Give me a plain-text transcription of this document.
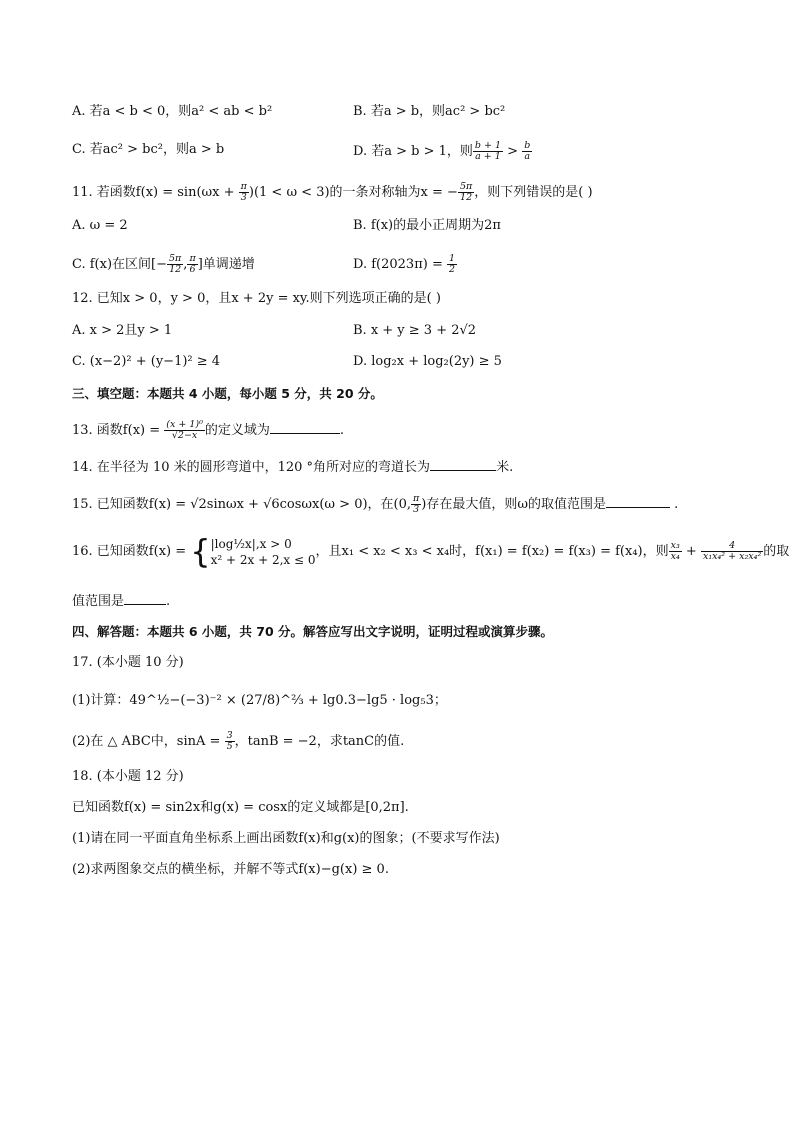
A. 若a < b < 0，则a² < ab < b²	B. 若a > b，则ac² > bc²
C. 若ac² > bc²，则a > b	D. 若a > b > 1，则 $\frac{b + 1}{a + 1} > \frac{b}{a}$
11. 若函数$f(x) = \sin(\omega x + \frac{\pi}{3} )(1 < \omega < 3)$的一条对称轴为x = − $\frac{5\pi}{12}$ ，则下列错误的是( )
A. ω = 2	B. f(x)的最小正周期为2π
C. f(x)在区间[− $\frac{5\pi}{12}$ , $\frac{\pi}{6}$ ]单调递增	D. $f(2023\pi) = \frac{1}{2}$
12. 已知x > 0，y > 0，且x + 2y = xy.则下列选项正确的是( )
A. x > 2且y > 1	B. x + y ≥ 3 + 2√2
C. (x−2)² + (y−1)² ≥ 4	D. log₂x + log₂(2y) ≥ 5
三、填空题：本题共 4 小题，每小题 5 分，共 20 分。
13. 函数$f(x) = \frac{\text{(x + 1)⁰}}{√2-x}$ 的定义域为	.
14. 在半径为 10 米的圆形弯道中，120 °角所对应的弯道长为	米.
15. 已知函数f(x) = √2sinωx + √6cosωx(ω > 0)，在(0, $\frac{\pi}{3}$ )存在最大值，则ω的取值范围是	.
16. 已知函数f(x) = { |log½x|,x > 0
x² + 2x + 2,x ≤ 0
，且x₁ < x₂ < x₃ < x₄时，f(x₁) = f(x₂) = f(x₃) = f(x₄)，则 $\frac{\text{x₃}}{\text{x₄}} + \frac{4}{\text{x₁x₄² + x₂x₄²}}$ 的取
值范围是	.
四、解答题：本题共 6 小题，共 70 分。解答应写出文字说明，证明过程或演算步骤。
17. (本小题 10 分)
(1)计算：49^½−(−3)⁻² × (27/8)^⅔ + lg0.3−lg5 · log₅3；
(2)在 △ ABC中，$\sin A = \frac{3}{5}$ ，tanB = −2，求tanC的值.
18. (本小题 12 分)
已知函数f(x) = sin2x和g(x) = cosx的定义域都是[0,2π].
(1)请在同一平面直角坐标系上画出函数f(x)和g(x)的图象；(不要求写作法)
(2)求两图象交点的横坐标，并解不等式f(x)−g(x) ≥ 0.
